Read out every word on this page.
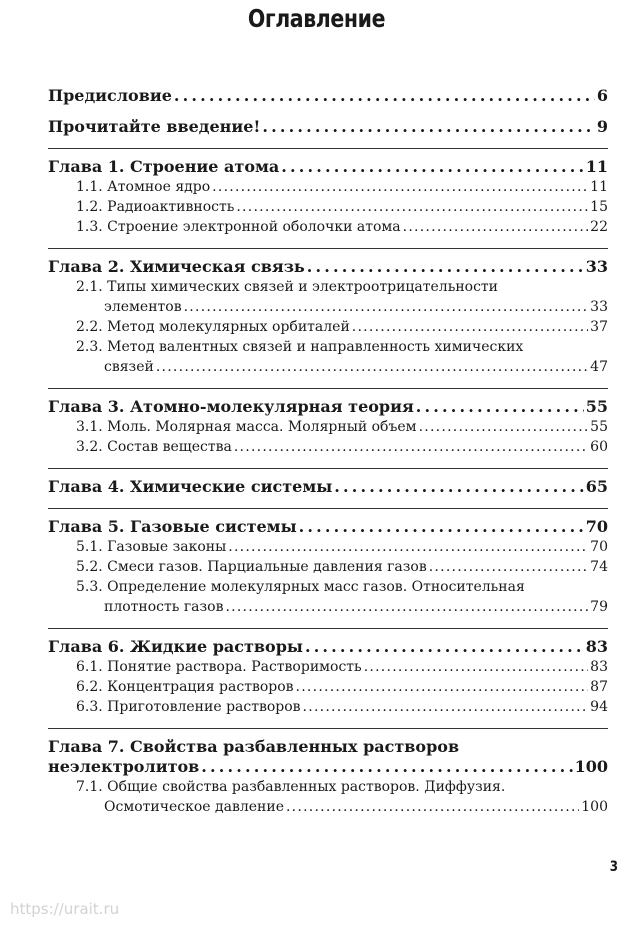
Оглавление
Предисловие . . .	6
Прочитайте введение! . . .	9
Глава 1. Строение атома . . .	11
1.1. Атомное ядро . . .	11
1.2. Радиоактивность . . .	15
1.3. Строение электронной оболочки атома . . .	22
Глава 2. Химическая связь . . .	33
2.1. Типы химических связей и электроотрицательности
элементов . . .	33
2.2. Метод молекулярных орбиталей . . .	37
2.3. Метод валентных связей и направленность химических
связей . . .	47
Глава 3. Атомно-молекулярная теория . . .	55
3.1. Моль. Молярная масса. Молярный объем . . .	55
3.2. Состав вещества . . .	60
Глава 4. Химические системы . . .	65
Глава 5. Газовые системы . . .	70
5.1. Газовые законы . . .	70
5.2. Смеси газов. Парциальные давления газов . . .	74
5.3. Определение молекулярных масс газов. Относительная
плотность газов . . .	79
Глава 6. Жидкие растворы . . .	83
6.1. Понятие раствора. Растворимость . . .	83
6.2. Концентрация растворов . . .	87
6.3. Приготовление растворов . . .	94
Глава 7. Свойства разбавленных растворов
неэлектролитов . . .	100
7.1. Общие свойства разбавленных растворов. Диффузия.
Осмотическое давление . . .	100
3
https://urait.ru
